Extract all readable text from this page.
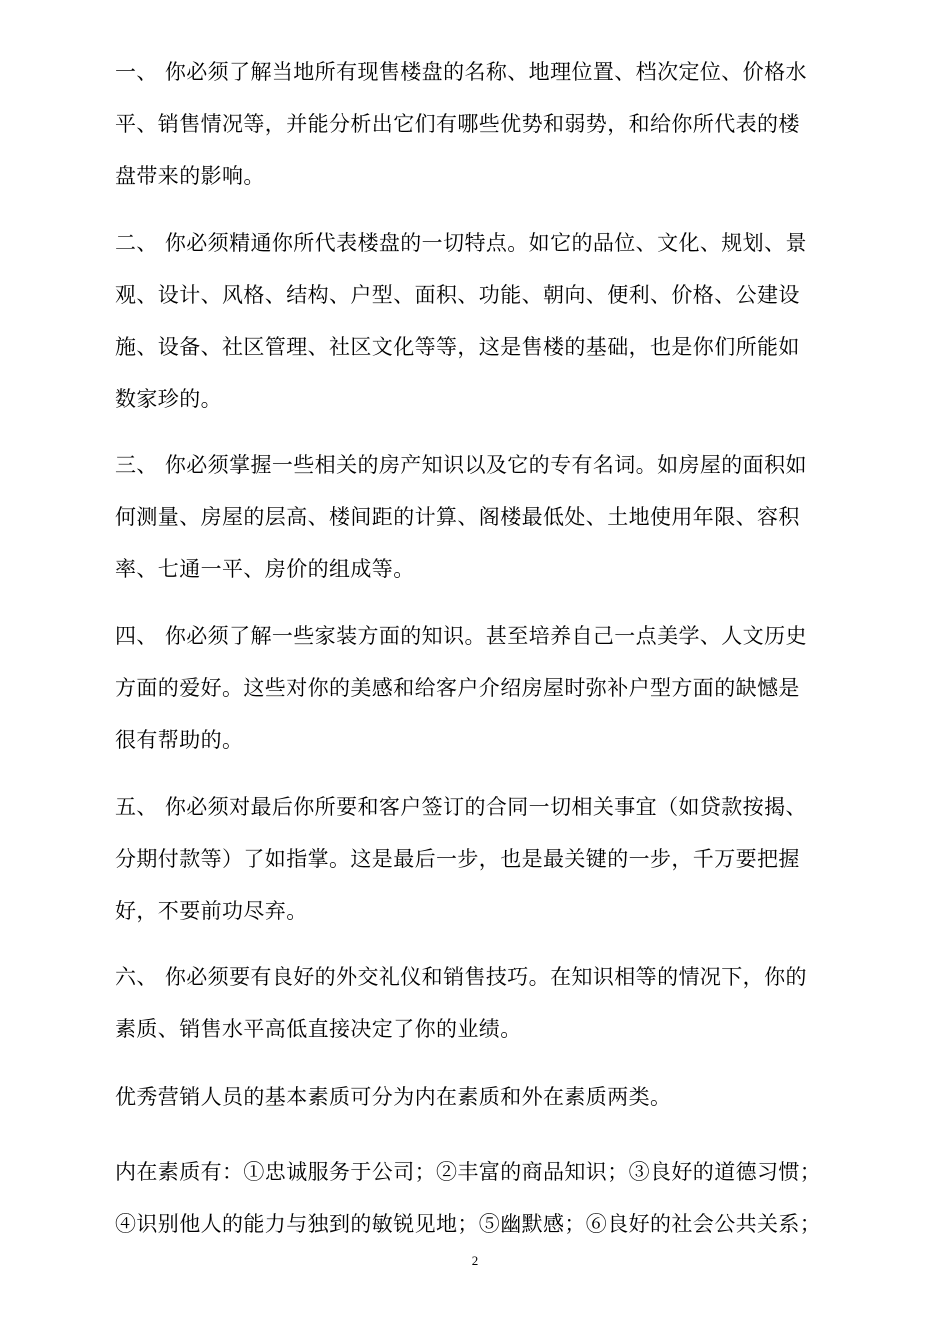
一、 你必须了解当地所有现售楼盘的名称、地理位置、档次定位、价格水
平、销售情况等，并能分析出它们有哪些优势和弱势，和给你所代表的楼
盘带来的影响。
二、 你必须精通你所代表楼盘的一切特点。如它的品位、文化、规划、景
观、设计、风格、结构、户型、面积、功能、朝向、便利、价格、公建设
施、设备、社区管理、社区文化等等，这是售楼的基础，也是你们所能如
数家珍的。
三、 你必须掌握一些相关的房产知识以及它的专有名词。如房屋的面积如
何测量、房屋的层高、楼间距的计算、阁楼最低处、土地使用年限、容积
率、七通一平、房价的组成等。
四、 你必须了解一些家装方面的知识。甚至培养自己一点美学、人文历史
方面的爱好。这些对你的美感和给客户介绍房屋时弥补户型方面的缺憾是
很有帮助的。
五、 你必须对最后你所要和客户签订的合同一切相关事宜（如贷款按揭、
分期付款等）了如指掌。这是最后一步，也是最关键的一步，千万要把握
好，不要前功尽弃。
六、 你必须要有良好的外交礼仪和销售技巧。在知识相等的情况下，你的
素质、销售水平高低直接决定了你的业绩。
优秀营销人员的基本素质可分为内在素质和外在素质两类。
内在素质有：①忠诚服务于公司；②丰富的商品知识；③良好的道德习惯；
④识别他人的能力与独到的敏锐见地；⑤幽默感；⑥良好的社会公共关系；
2
